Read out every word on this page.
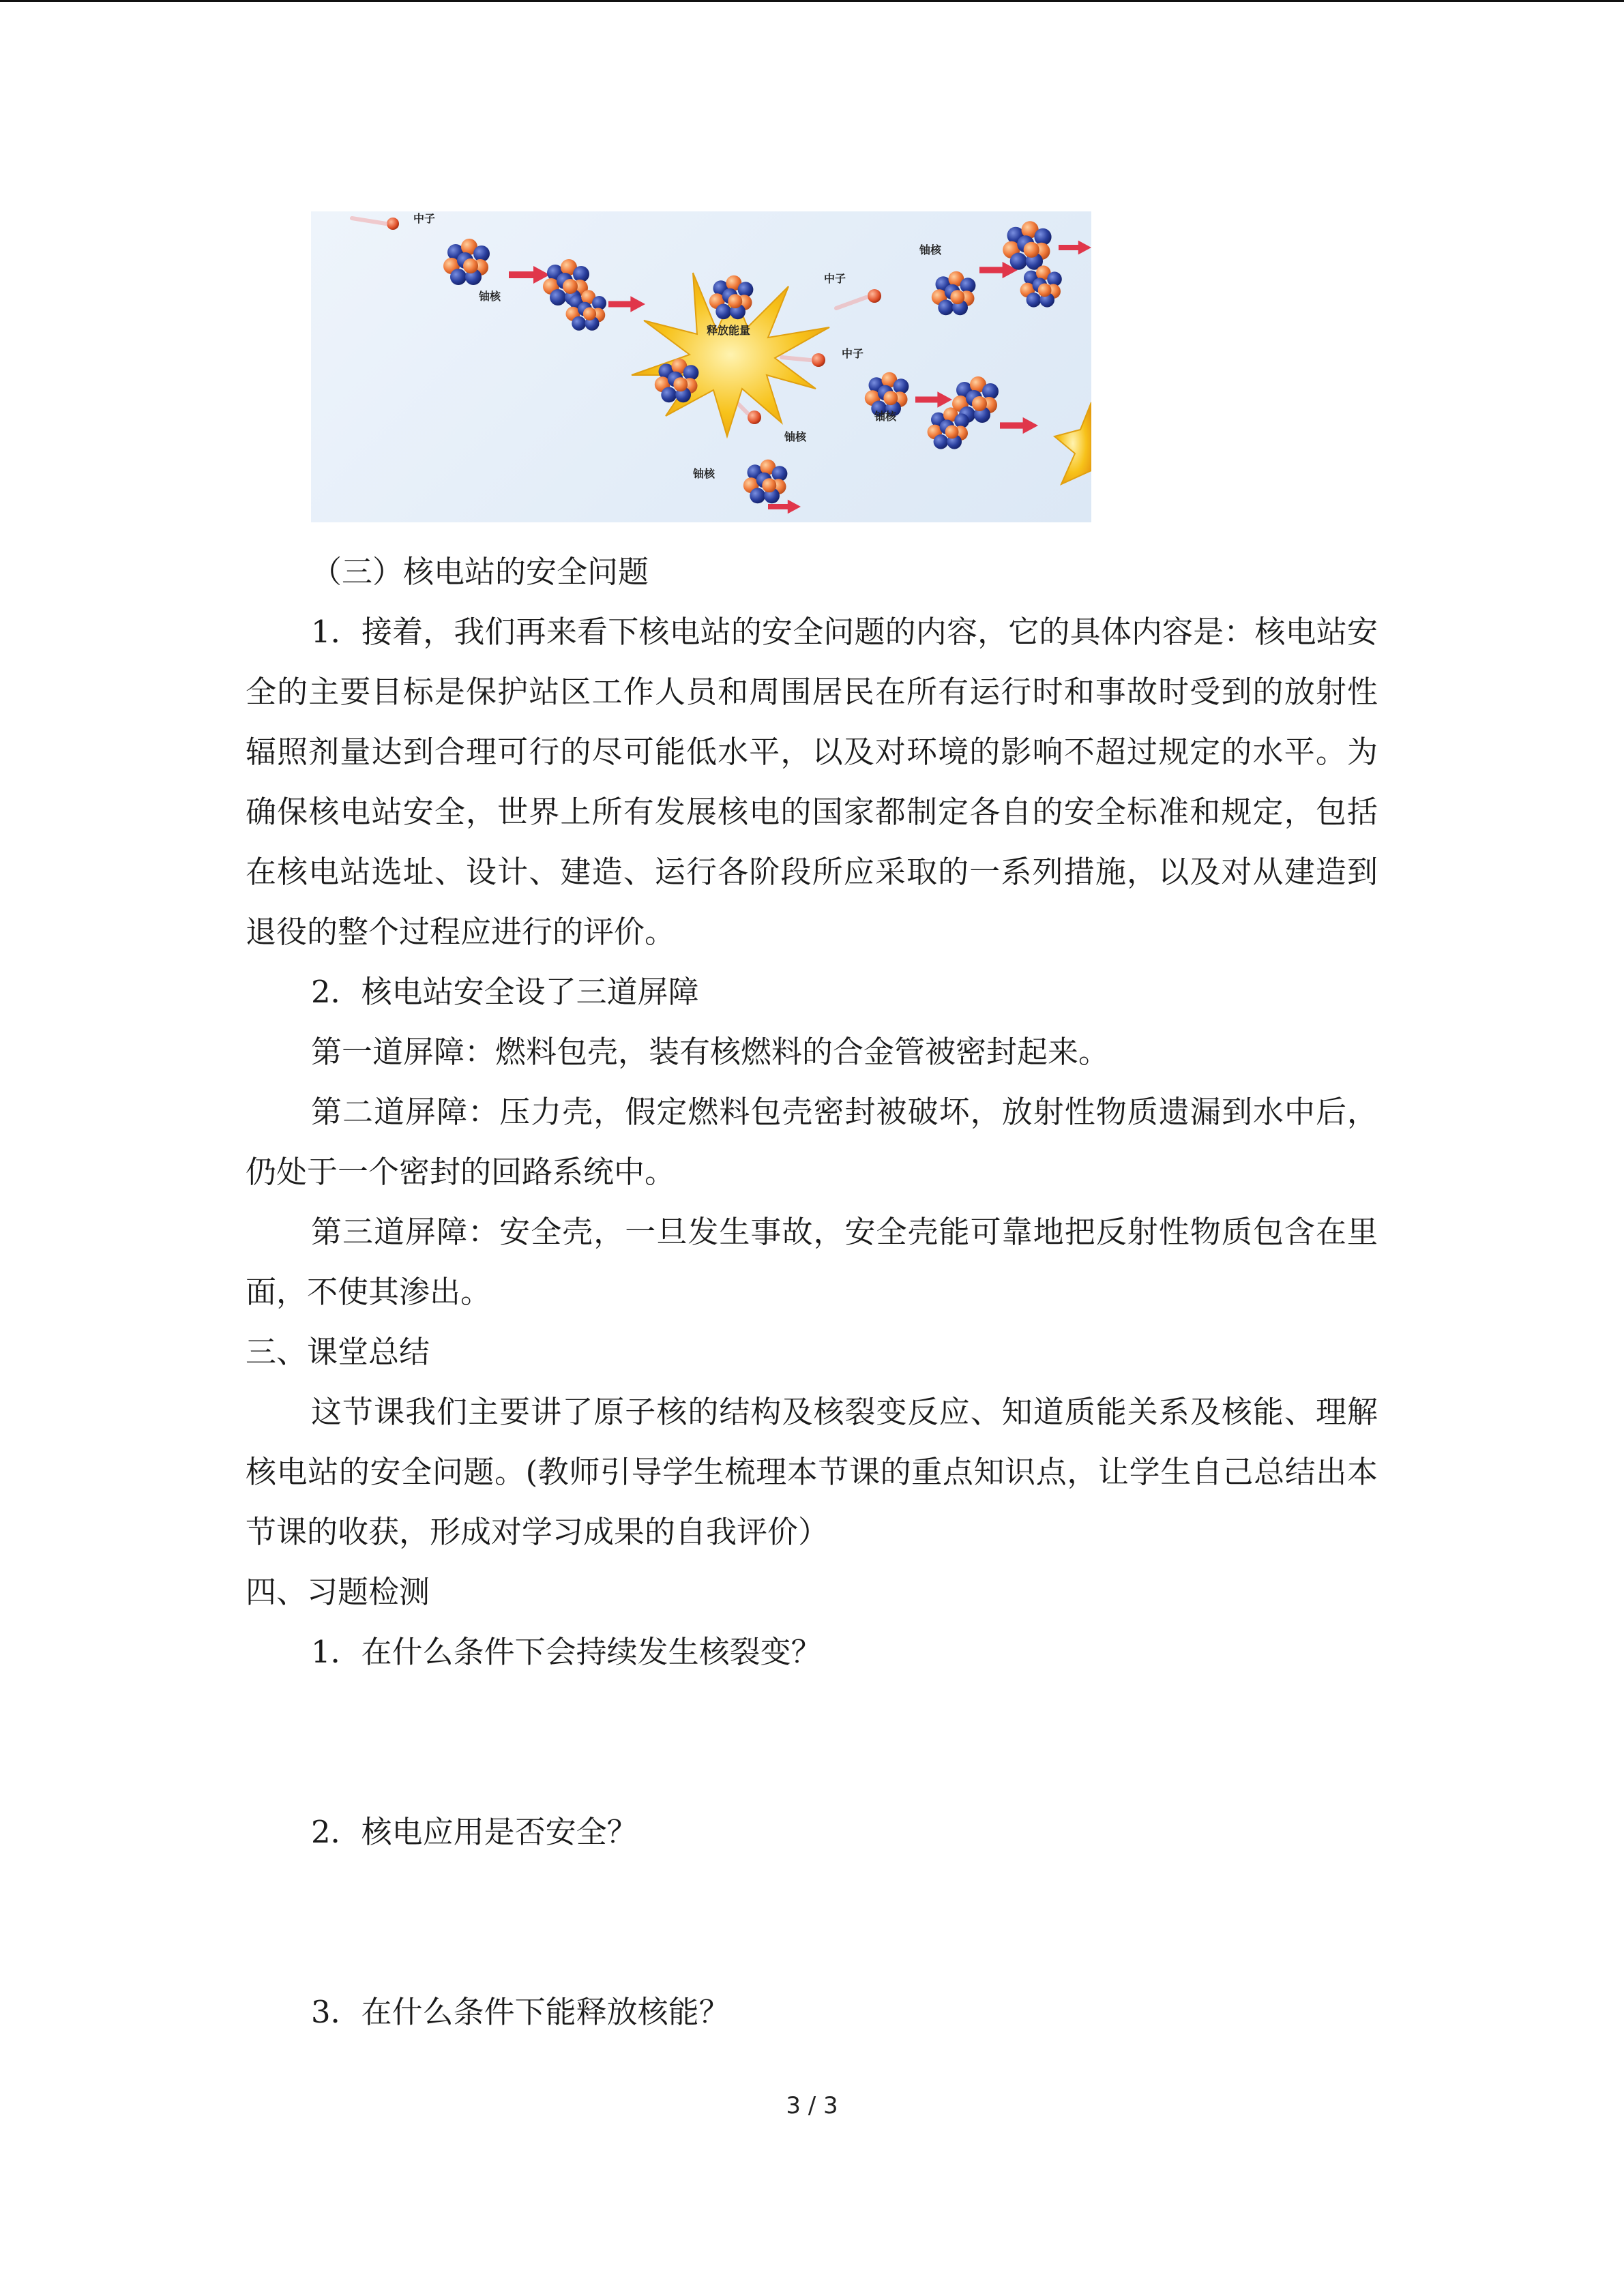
中子
铀核
释放能量
中子
中子
铀核
铀核
铀核
铀核

（三）核电站的安全问题

1．接着，我们再来看下核电站的安全问题的内容，它的具体内容是：核电站安全的主要目标是保护站区工作人员和周围居民在所有运行时和事故时受到的放射性辐照剂量达到合理可行的尽可能低水平，以及对环境的影响不超过规定的水平。为确保核电站安全，世界上所有发展核电的国家都制定各自的安全标准和规定，包括在核电站选址、设计、建造、运行各阶段所应采取的一系列措施，以及对从建造到退役的整个过程应进行的评价。

2．核电站安全设了三道屏障

第一道屏障：燃料包壳，装有核燃料的合金管被密封起来。

第二道屏障：压力壳，假定燃料包壳密封被破坏，放射性物质遗漏到水中后，仍处于一个密封的回路系统中。

第三道屏障：安全壳，一旦发生事故，安全壳能可靠地把反射性物质包含在里面，不使其渗出。

三、课堂总结

这节课我们主要讲了原子核的结构及核裂变反应、知道质能关系及核能、理解核电站的安全问题。(教师引导学生梳理本节课的重点知识点，让学生自己总结出本节课的收获，形成对学习成果的自我评价）

四、习题检测

1．在什么条件下会持续发生核裂变？

2．核电应用是否安全？

3．在什么条件下能释放核能？

3 / 3
